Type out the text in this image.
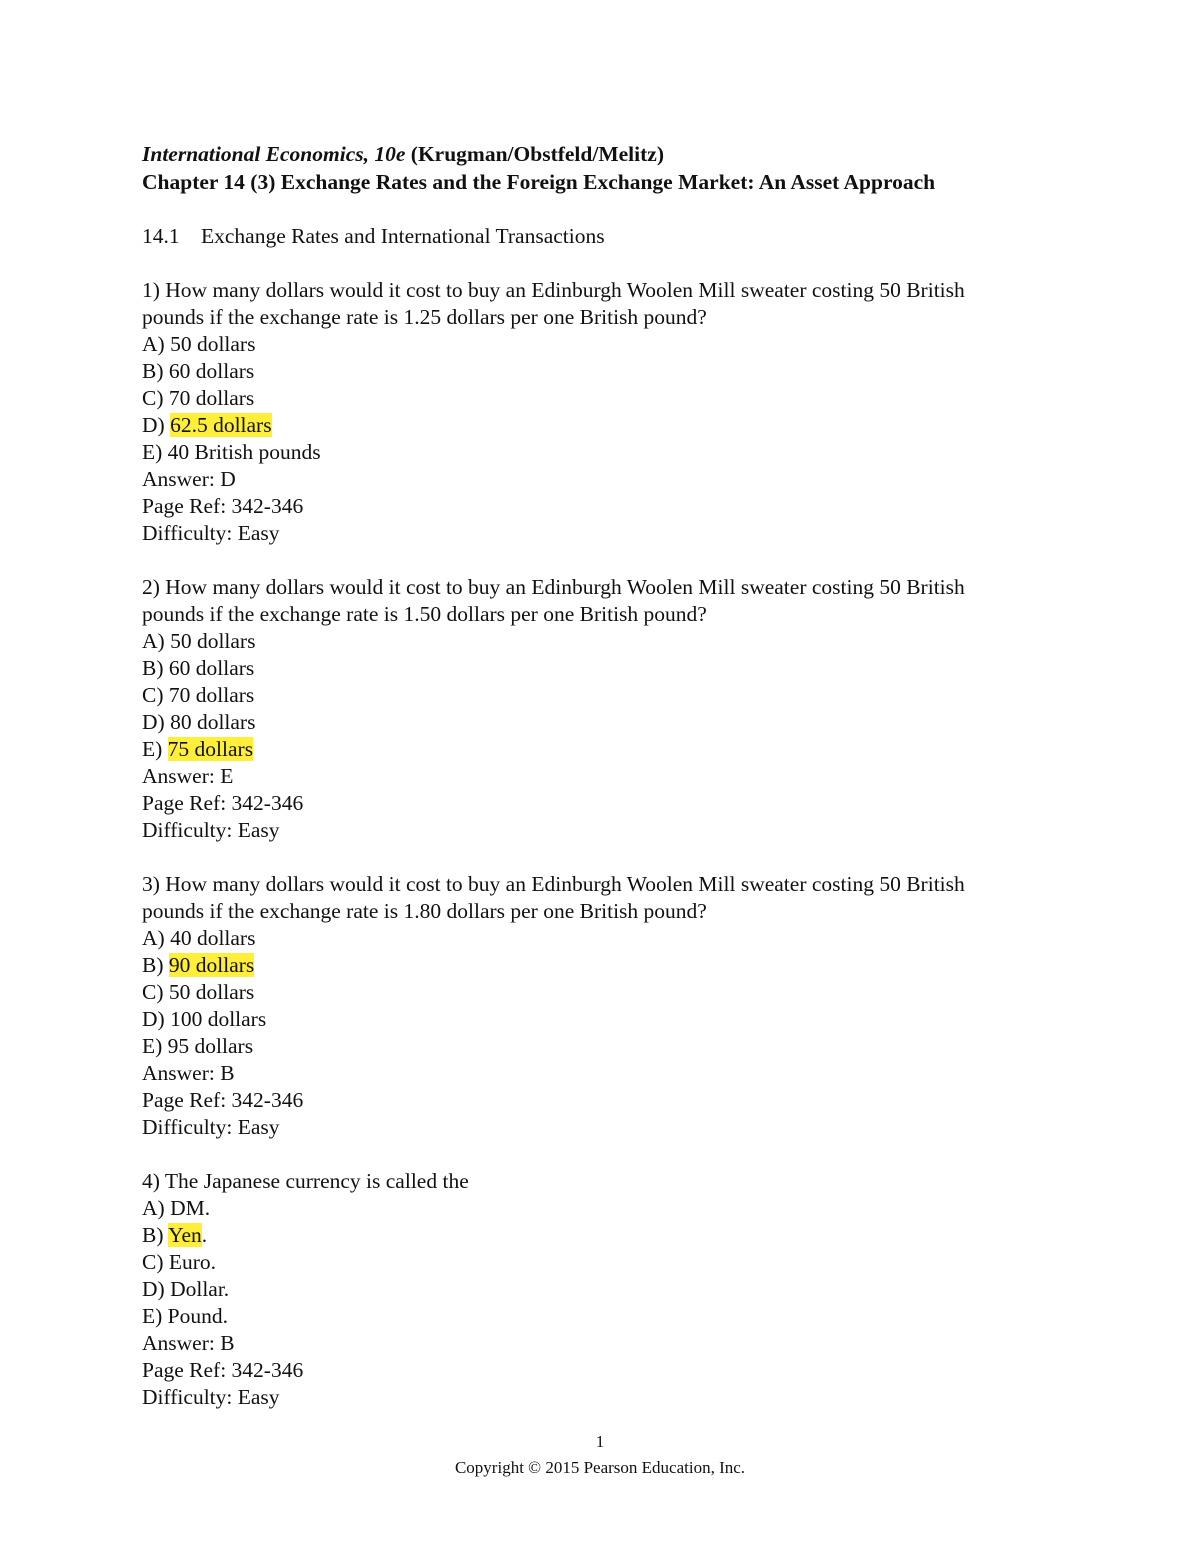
International Economics, 10e (Krugman/Obstfeld/Melitz)
Chapter 14 (3) Exchange Rates and the Foreign Exchange Market: An Asset Approach
14.1 Exchange Rates and International Transactions
1) How many dollars would it cost to buy an Edinburgh Woolen Mill sweater costing 50 British
pounds if the exchange rate is 1.25 dollars per one British pound?
A) 50 dollars
B) 60 dollars
C) 70 dollars
D) 62.5 dollars
E) 40 British pounds
Answer: D
Page Ref: 342-346
Difficulty: Easy
2) How many dollars would it cost to buy an Edinburgh Woolen Mill sweater costing 50 British
pounds if the exchange rate is 1.50 dollars per one British pound?
A) 50 dollars
B) 60 dollars
C) 70 dollars
D) 80 dollars
E) 75 dollars
Answer: E
Page Ref: 342-346
Difficulty: Easy
3) How many dollars would it cost to buy an Edinburgh Woolen Mill sweater costing 50 British
pounds if the exchange rate is 1.80 dollars per one British pound?
A) 40 dollars
B) 90 dollars
C) 50 dollars
D) 100 dollars
E) 95 dollars
Answer: B
Page Ref: 342-346
Difficulty: Easy
4) The Japanese currency is called the
A) DM.
B) Yen.
C) Euro.
D) Dollar.
E) Pound.
Answer: B
Page Ref: 342-346
Difficulty: Easy
1
Copyright © 2015 Pearson Education, Inc.
